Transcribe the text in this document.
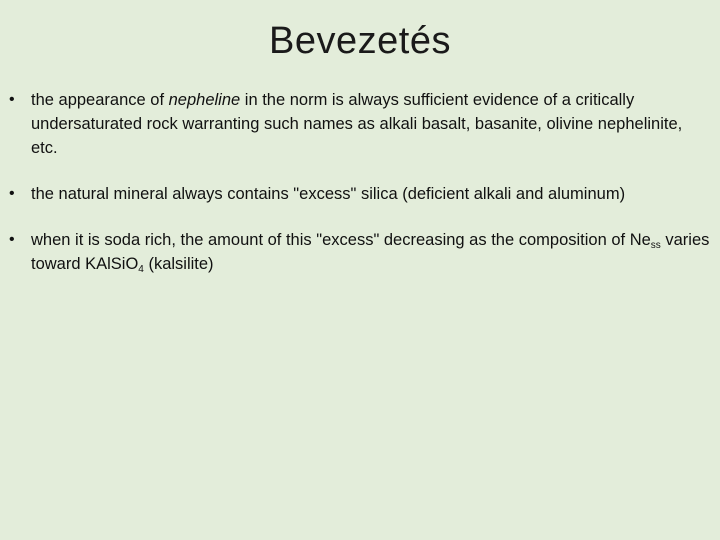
Bevezetés
• the appearance of nepheline in the norm is always sufficient evidence of a critically undersaturated rock warranting such names as alkali basalt, basanite, olivine nephelinite, etc.
• the natural mineral always contains "excess" silica (deficient alkali and aluminum)
• when it is soda rich, the amount of this "excess" decreasing as the composition of $Ne_{ss}$ varies toward KAlSiO$_4$ (kalsilite)
